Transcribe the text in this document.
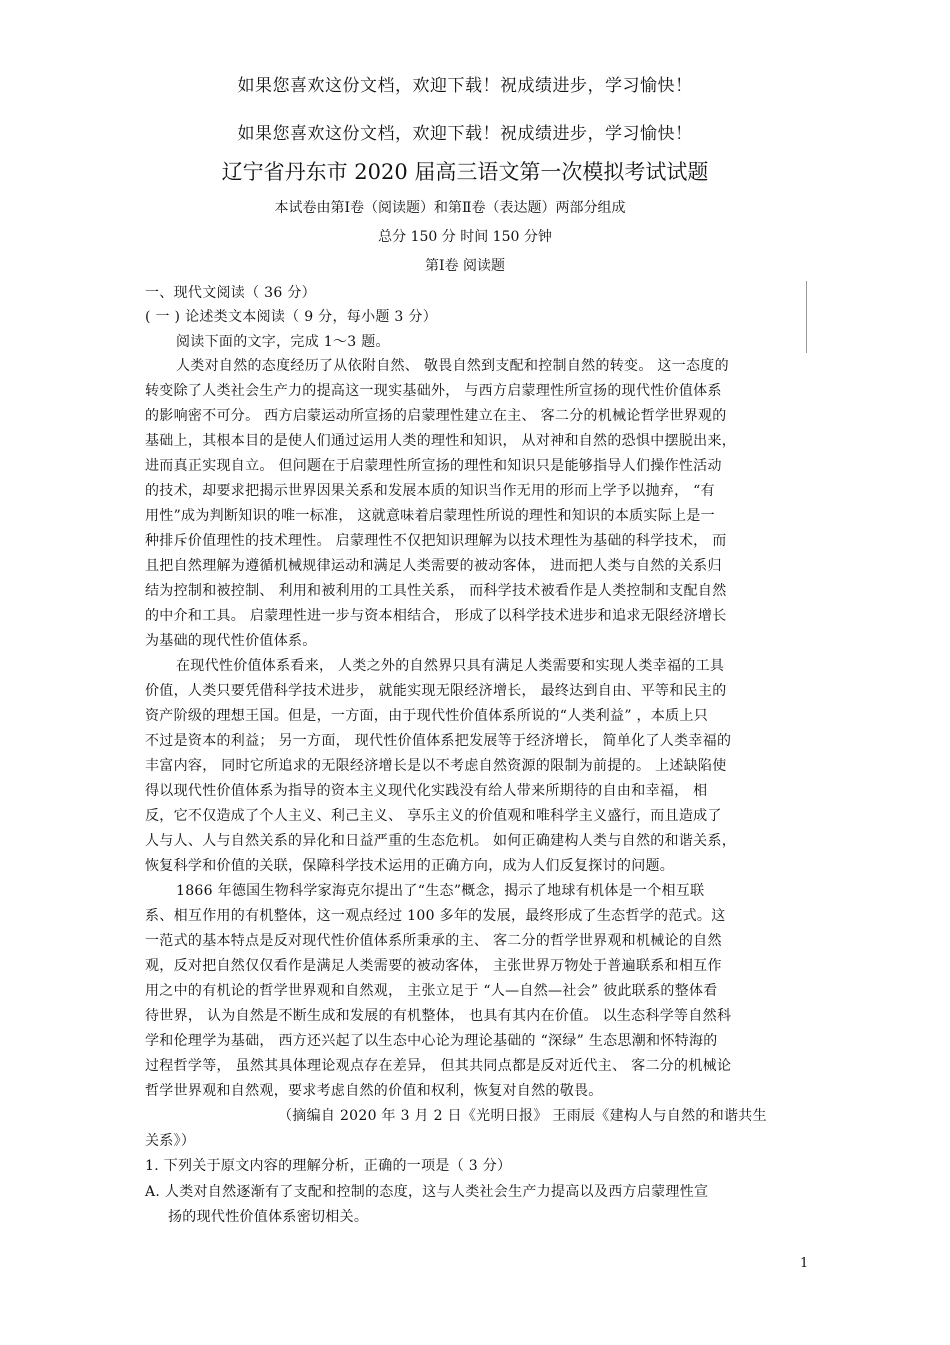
如果您喜欢这份文档，欢迎下载！祝成绩进步，学习愉快！
如果您喜欢这份文档，欢迎下载！祝成绩进步，学习愉快！
辽宁省丹东市 2020 届高三语文第一次模拟考试试题
本试卷由第Ⅰ卷（阅读题）和第Ⅱ卷（表达题）两部分组成
总分 150 分 时间 150 分钟
第Ⅰ卷 阅读题
一、现代文阅读（ 36 分）
( 一 ) 论述类文本阅读（ 9 分，每小题 3 分）
阅读下面的文字，完成 1～3 题。
人类对自然的态度经历了从依附自然、 敬畏自然到支配和控制自然的转变。 这一态度的
转变除了人类社会生产力的提高这一现实基础外， 与西方启蒙理性所宣扬的现代性价值体系
的影响密不可分。 西方启蒙运动所宣扬的启蒙理性建立在主、 客二分的机械论哲学世界观的
基础上，其根本目的是使人们通过运用人类的理性和知识， 从对神和自然的恐惧中摆脱出来，
进而真正实现自立。 但问题在于启蒙理性所宣扬的理性和知识只是能够指导人们操作性活动
的技术，却要求把揭示世界因果关系和发展本质的知识当作无用的形而上学予以抛弃， “有
用性”成为判断知识的唯一标准， 这就意味着启蒙理性所说的理性和知识的本质实际上是一
种排斥价值理性的技术理性。 启蒙理性不仅把知识理解为以技术理性为基础的科学技术， 而
且把自然理解为遵循机械规律运动和满足人类需要的被动客体， 进而把人类与自然的关系归
结为控制和被控制、 利用和被利用的工具性关系， 而科学技术被看作是人类控制和支配自然
的中介和工具。 启蒙理性进一步与资本相结合， 形成了以科学技术进步和追求无限经济增长
为基础的现代性价值体系。
在现代性价值体系看来， 人类之外的自然界只具有满足人类需要和实现人类幸福的工具
价值，人类只要凭借科学技术进步， 就能实现无限经济增长， 最终达到自由、平等和民主的
资产阶级的理想王国。但是，一方面，由于现代性价值体系所说的“人类利益” ，本质上只
不过是资本的利益； 另一方面， 现代性价值体系把发展等于经济增长， 简单化了人类幸福的
丰富内容， 同时它所追求的无限经济增长是以不考虑自然资源的限制为前提的。 上述缺陷使
得以现代性价值体系为指导的资本主义现代化实践没有给人带来所期待的自由和幸福， 相
反，它不仅造成了个人主义、利己主义、 享乐主义的价值观和唯科学主义盛行，而且造成了
人与人、人与自然关系的异化和日益严重的生态危机。 如何正确建构人类与自然的和谐关系，
恢复科学和价值的关联，保障科学技术运用的正确方向，成为人们反复探讨的问题。
1866 年德国生物科学家海克尔提出了“生态”概念，揭示了地球有机体是一个相互联
系、相互作用的有机整体，这一观点经过 100 多年的发展，最终形成了生态哲学的范式。这
一范式的基本特点是反对现代性价值体系所秉承的主、 客二分的哲学世界观和机械论的自然
观，反对把自然仅仅看作是满足人类需要的被动客体， 主张世界万物处于普遍联系和相互作
用之中的有机论的哲学世界观和自然观， 主张立足于 “人—自然—社会” 彼此联系的整体看
待世界， 认为自然是不断生成和发展的有机整体， 也具有其内在价值。 以生态科学等自然科
学和伦理学为基础， 西方还兴起了以生态中心论为理论基础的 “深绿” 生态思潮和怀特海的
过程哲学等， 虽然其具体理论观点存在差异， 但其共同点都是反对近代主、 客二分的机械论
哲学世界观和自然观，要求考虑自然的价值和权利，恢复对自然的敬畏。
（摘编自 2020 年 3 月 2 日《光明日报》 王雨辰《建构人与自然的和谐共生
关系》）
1. 下列关于原文内容的理解分析，正确的一项是（ 3 分）
A. 人类对自然逐渐有了支配和控制的态度，这与人类社会生产力提高以及西方启蒙理性宣
扬的现代性价值体系密切相关。
1
